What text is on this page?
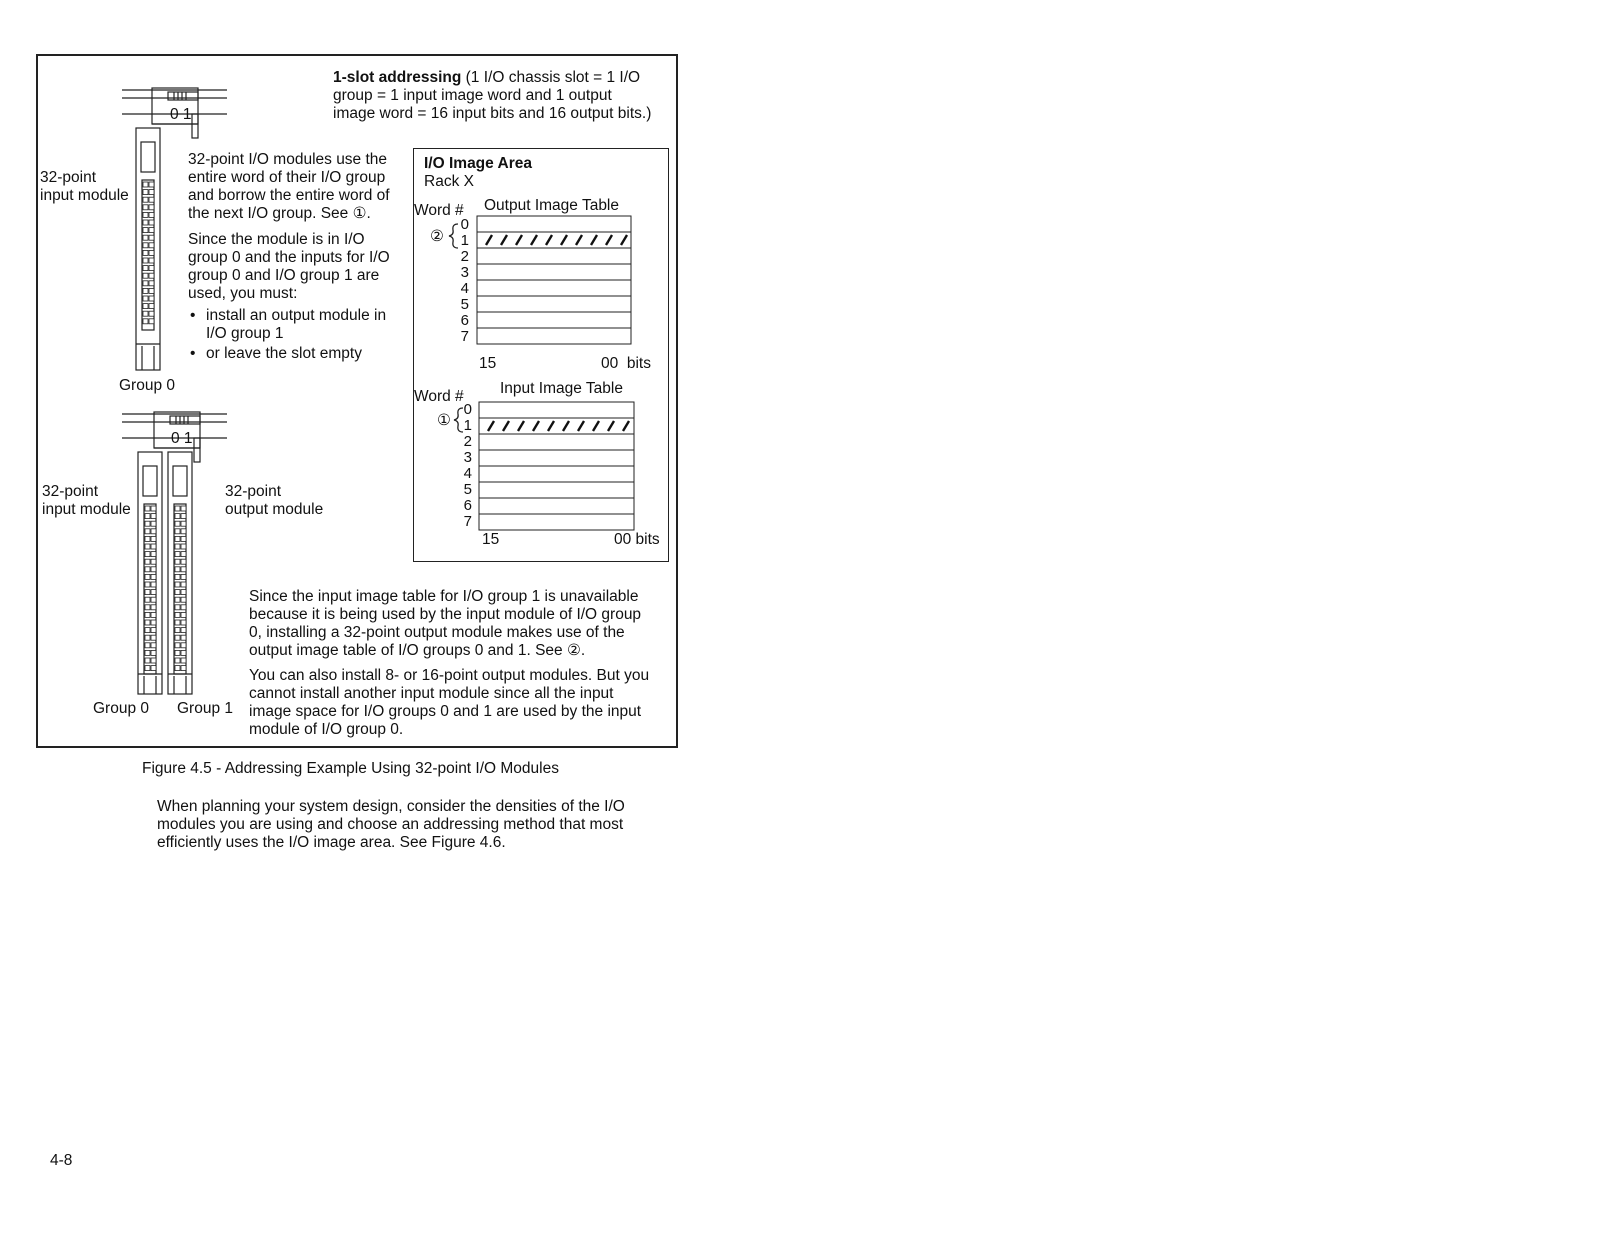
1-slot addressing (1 I/O chassis slot = 1 I/O
group = 1 input image word and 1 output
image word = 16 input bits and 16 output bits.)
0 1
32-point
input module
Group 0

32-point I/O modules use the
entire word of their I/O group
and borrow the entire word of
the next I/O group. See ①.

Since the module is in I/O
group 0 and the inputs for I/O
group 0 and I/O group 1 are
used, you must:

• install an output module in
I/O group 1
• or leave the slot empty
I/O Image Area
Rack X
Word # Output Image Table
②
0
1
2
3
4
5
6
7
15	00  bits
Word # Input Image Table
①
0
1
2
3
4
5
6
7
15	00 bits
0 1
32-point
input module
32-point
output module
Group 0 Group 1

Since the input image table for I/O group 1 is unavailable
because it is being used by the input module of I/O group
0, installing a 32-point output module makes use of the
output image table of I/O groups 0 and 1. See ②.

You can also install 8- or 16-point output modules. But you
cannot install another input module since all the input
image space for I/O groups 0 and 1 are used by the input
module of I/O group 0.

Figure 4.5 - Addressing Example Using 32-point I/O Modules
When planning your system design, consider the densities of the I/O
modules you are using and choose an addressing method that most
efficiently uses the I/O image area. See Figure 4.6.
4-8
